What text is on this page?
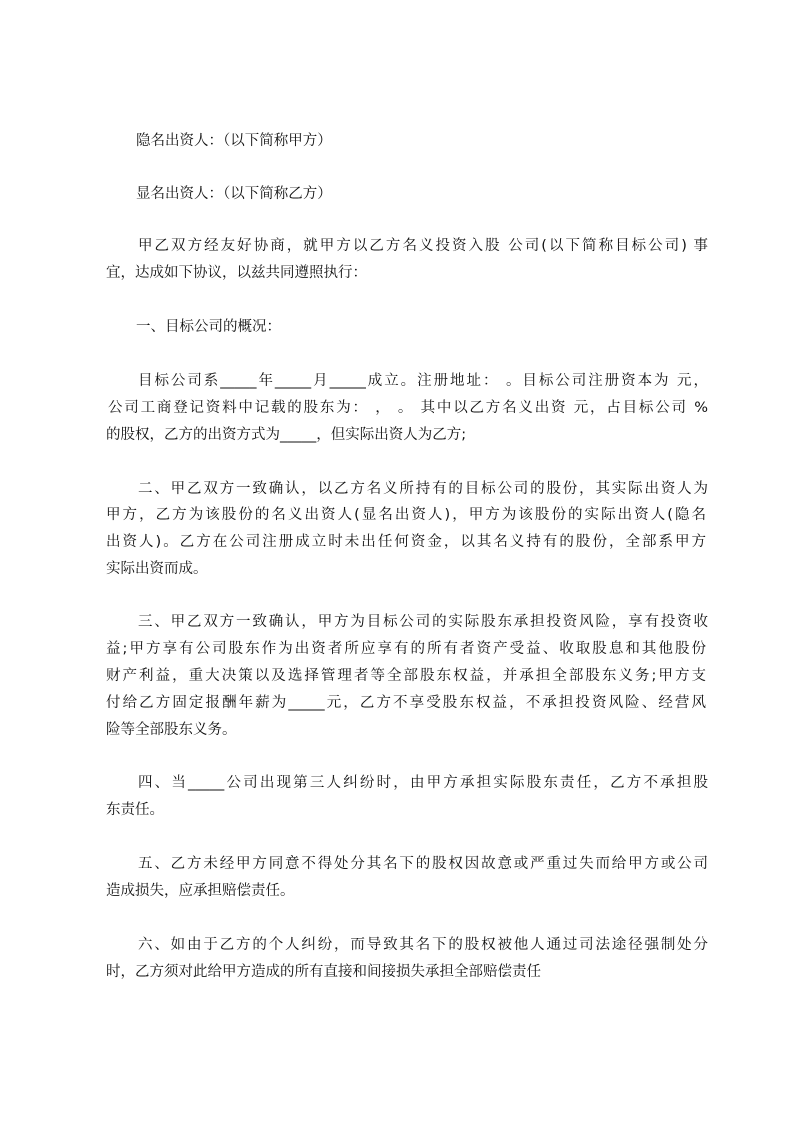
隐名出资人：（以下简称甲方）
显名出资人：（以下简称乙方）
甲乙双方经友好协商，就甲方以乙方名义投资入股 公司(以下简称目标公司) 事
宜，达成如下协议，以兹共同遵照执行：
一、目标公司的概况：
目标公司系_____年_____月_____成立。注册地址： 。目标公司注册资本为 元，
公司工商登记资料中记载的股东为： ， 。 其中以乙方名义出资 元，占目标公司 %
的股权，乙方的出资方式为_____，但实际出资人为乙方;
二、甲乙双方一致确认，以乙方名义所持有的目标公司的股份，其实际出资人为
甲方，乙方为该股份的名义出资人(显名出资人)，甲方为该股份的实际出资人(隐名
出资人)。乙方在公司注册成立时未出任何资金，以其名义持有的股份，全部系甲方
实际出资而成。
三、甲乙双方一致确认，甲方为目标公司的实际股东承担投资风险，享有投资收
益;甲方享有公司股东作为出资者所应享有的所有者资产受益、收取股息和其他股份
财产利益，重大决策以及选择管理者等全部股东权益，并承担全部股东义务;甲方支
付给乙方固定报酬年薪为_____元，乙方不享受股东权益，不承担投资风险、经营风
险等全部股东义务。
四、当_____公司出现第三人纠纷时，由甲方承担实际股东责任，乙方不承担股
东责任。
五、乙方未经甲方同意不得处分其名下的股权因故意或严重过失而给甲方或公司
造成损失，应承担赔偿责任。
六、如由于乙方的个人纠纷，而导致其名下的股权被他人通过司法途径强制处分
时，乙方须对此给甲方造成的所有直接和间接损失承担全部赔偿责任
